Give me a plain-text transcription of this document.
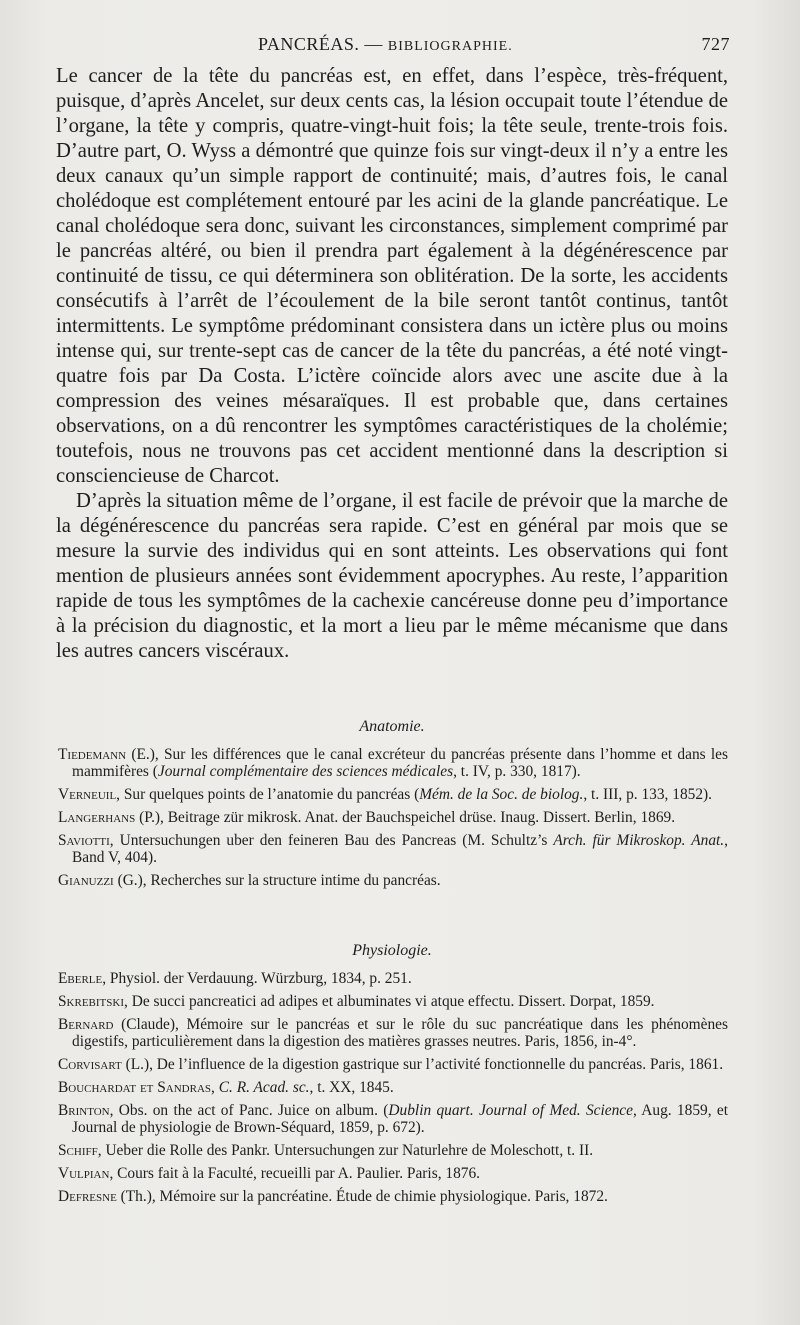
PANCRÉAS. — BIBLIOGRAPHIE.	727

Le cancer de la tête du pancréas est, en effet, dans l’espèce, très-fréquent, puisque, d’après Ancelet, sur deux cents cas, la lésion occupait toute l’étendue de l’organe, la tête y compris, quatre-vingt-huit fois; la tête seule, trente-trois fois. D’autre part, O. Wyss a démontré que quinze fois sur vingt-deux il n’y a entre les deux canaux qu’un simple rapport de continuité; mais, d’autres fois, le canal cholédoque est complétement entouré par les acini de la glande pancréatique. Le canal cholédoque sera donc, suivant les circonstances, simplement comprimé par le pancréas altéré, ou bien il prendra part également à la dégénérescence par continuité de tissu, ce qui déterminera son oblitération. De la sorte, les accidents consécutifs à l’arrêt de l’écoulement de la bile seront tantôt continus, tantôt intermittents. Le symptôme prédominant consistera dans un ictère plus ou moins intense qui, sur trente-sept cas de cancer de la tête du pancréas, a été noté vingt-quatre fois par Da Costa. L’ictère coïncide alors avec une ascite due à la compression des veines mésaraïques. Il est probable que, dans certaines observations, on a dû rencontrer les symptômes caractéristiques de la cholémie; toutefois, nous ne trouvons pas cet accident mentionné dans la description si consciencieuse de Charcot.

D’après la situation même de l’organe, il est facile de prévoir que la marche de la dégénérescence du pancréas sera rapide. C’est en général par mois que se mesure la survie des individus qui en sont atteints. Les observations qui font mention de plusieurs années sont évidemment apocryphes. Au reste, l’apparition rapide de tous les symptômes de la cachexie cancéreuse donne peu d’importance à la précision du diagnostic, et la mort a lieu par le même mécanisme que dans les autres cancers viscéraux.

Anatomie.
Tiedemann (E.), Sur les différences que le canal excréteur du pancréas présente dans l’homme et dans les mammifères (Journal complémentaire des sciences médicales, t. IV, p. 330, 1817).
Verneuil, Sur quelques points de l’anatomie du pancréas (Mém. de la Soc. de biolog., t. III, p. 133, 1852).
Langerhans (P.), Beitrage zür mikrosk. Anat. der Bauchspeichel drüse. Inaug. Dissert. Berlin, 1869.
Saviotti, Untersuchungen uber den feineren Bau des Pancreas (M. Schultz’s Arch. für Mikroskop. Anat., Band V, 404).
Gianuzzi (G.), Recherches sur la structure intime du pancréas.
Physiologie.
Eberle, Physiol. der Verdauung. Würzburg, 1834, p. 251.
Skrebitski, De succi pancreatici ad adipes et albuminates vi atque effectu. Dissert. Dorpat, 1859.
Bernard (Claude), Mémoire sur le pancréas et sur le rôle du suc pancréatique dans les phénomènes digestifs, particulièrement dans la digestion des matières grasses neutres. Paris, 1856, in-4°.
Corvisart (L.), De l’influence de la digestion gastrique sur l’activité fonctionnelle du pancréas. Paris, 1861.
Bouchardat et Sandras, C. R. Acad. sc., t. XX, 1845.
Brinton, Obs. on the act of Panc. Juice on album. (Dublin quart. Journal of Med. Science, Aug. 1859, et Journal de physiologie de Brown-Séquard, 1859, p. 672).
Schiff, Ueber die Rolle des Pankr. Untersuchungen zur Naturlehre de Moleschott, t. II.
Vulpian, Cours fait à la Faculté, recueilli par A. Paulier. Paris, 1876.
Defresne (Th.), Mémoire sur la pancréatine. Étude de chimie physiologique. Paris, 1872.
